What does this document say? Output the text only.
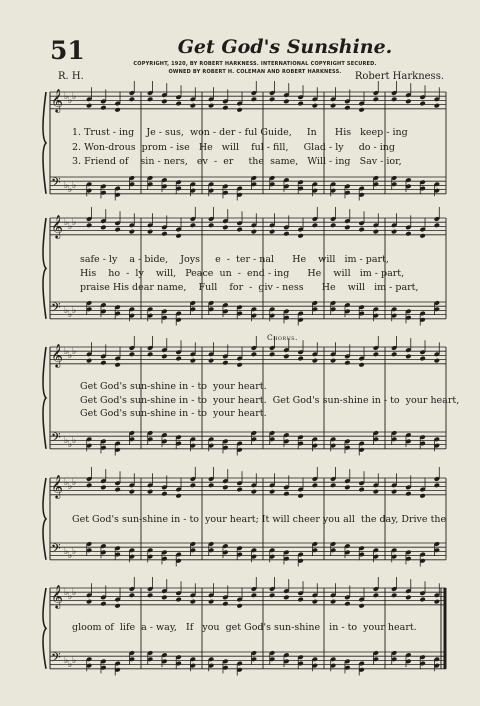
51	Get God's Sunshine.
COPYRIGHT, 1920, BY ROBERT HARKNESS. INTERNATIONAL COPYRIGHT SECURED.
OWNED BY ROBERT H. COLEMAN AND ROBERT HARKNESS.
R. H.	Robert Harkness.
𝄞
𝄢
♭
♭
♭
♭
♭
♭
𝄞
𝄢
♭
♭
♭
♭
♭
♭
𝄞
𝄢
♭
♭
♭
♭
♭
♭
𝄞
𝄢
♭
♭
♭
♭
♭
♭
𝄞
𝄢
♭
♭
♭
♭
♭
♭
Chorus.
1. Trust - ing    Je - sus,  won - der - ful Guide,     In      His   keep - ing
2. Won-drous  prom - ise   He   will    ful - fill,     Glad - ly     do - ing
3. Friend of    sin - ners,   ev  -  er     the  same,   Will - ing   Sav - ior,
safe - ly    a - bide,    Joys     e  -  ter - nal      He    will   im - part,
His    ho  -  ly    will,   Peace  un  -  end - ing      He    will   im - part,
praise His dear name,    Full    for  -  giv - ness      He    will   im - part,
Get God's sun-shine in - to  your heart.
Get God's sun-shine in - to  your heart.  Get God's sun-shine in - to  your heart,
Get God's sun-shine in - to  your heart.
Get God's sun-shine in - to  your heart; It will cheer you all  the day, Drive the
gloom of  life  a - way,   If   you  get God's sun-shine   in - to  your heart.
